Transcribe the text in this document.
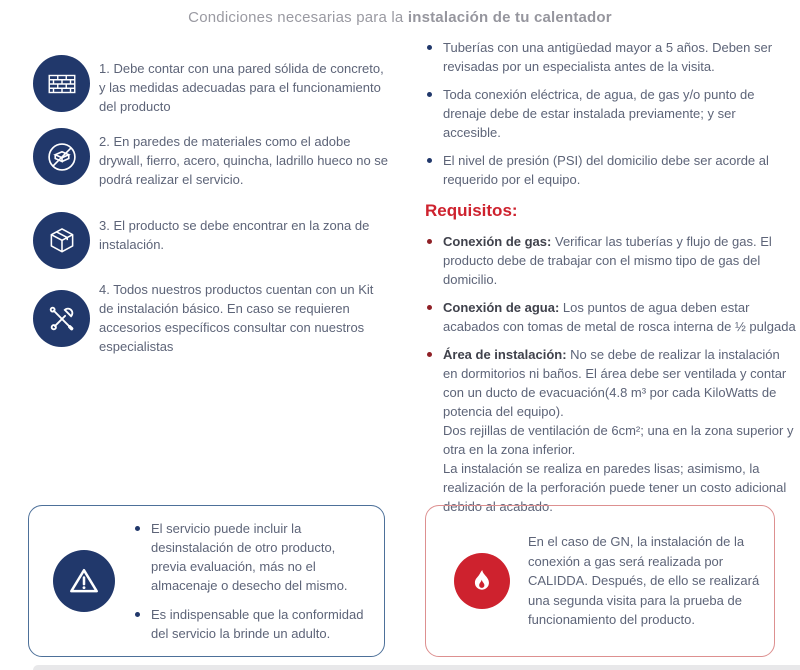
Condiciones necesarias para la instalación de tu calentador
1. Debe contar con una pared sólida de concreto, y las medidas adecuadas para el funcionamiento del producto
2. En paredes de materiales como el adobe drywall, fierro, acero, quincha, ladrillo hueco no se podrá realizar el servicio.
3. El producto se debe encontrar en la zona de instalación.
4. Todos nuestros productos cuentan con un Kit de instalación básico. En caso se requieren accesorios específicos consultar con nuestros especialistas
Tuberías con una antigüedad mayor a 5 años. Deben ser revisadas por un especialista antes de la visita.
Toda conexión eléctrica, de agua, de gas y/o punto de drenaje debe de estar instalada previamente; y ser accesible.
El nivel de presión (PSI) del domicilio debe ser acorde al requerido por el equipo.
Requisitos:
Conexión de gas: Verificar las tuberías y flujo de gas. El producto debe de trabajar con el mismo tipo de gas del domicilio.
Conexión de agua: Los puntos de agua deben estar acabados con tomas de metal de rosca interna de ½ pulgada
Área de instalación: No se debe de realizar la instalación en dormitorios ni baños. El área debe ser ventilada y contar con un ducto de evacuación(4.8 m³ por cada KiloWatts de potencia del equipo).
Dos rejillas de ventilación de 6cm²; una en la zona superior y otra en la zona inferior.
La instalación se realiza en paredes lisas; asimismo, la realización de la perforación puede tener un costo adicional debido al acabado.
El servicio puede incluir la desinstalación de otro producto, previa evaluación, más no el almacenaje o desecho del mismo.
Es indispensable que la conformidad del servicio la brinde un adulto.

En el caso de GN, la instalación de la conexión a gas será realizada por CALIDDA. Después, de ello se realizará una segunda visita para la prueba de funcionamiento del producto.
